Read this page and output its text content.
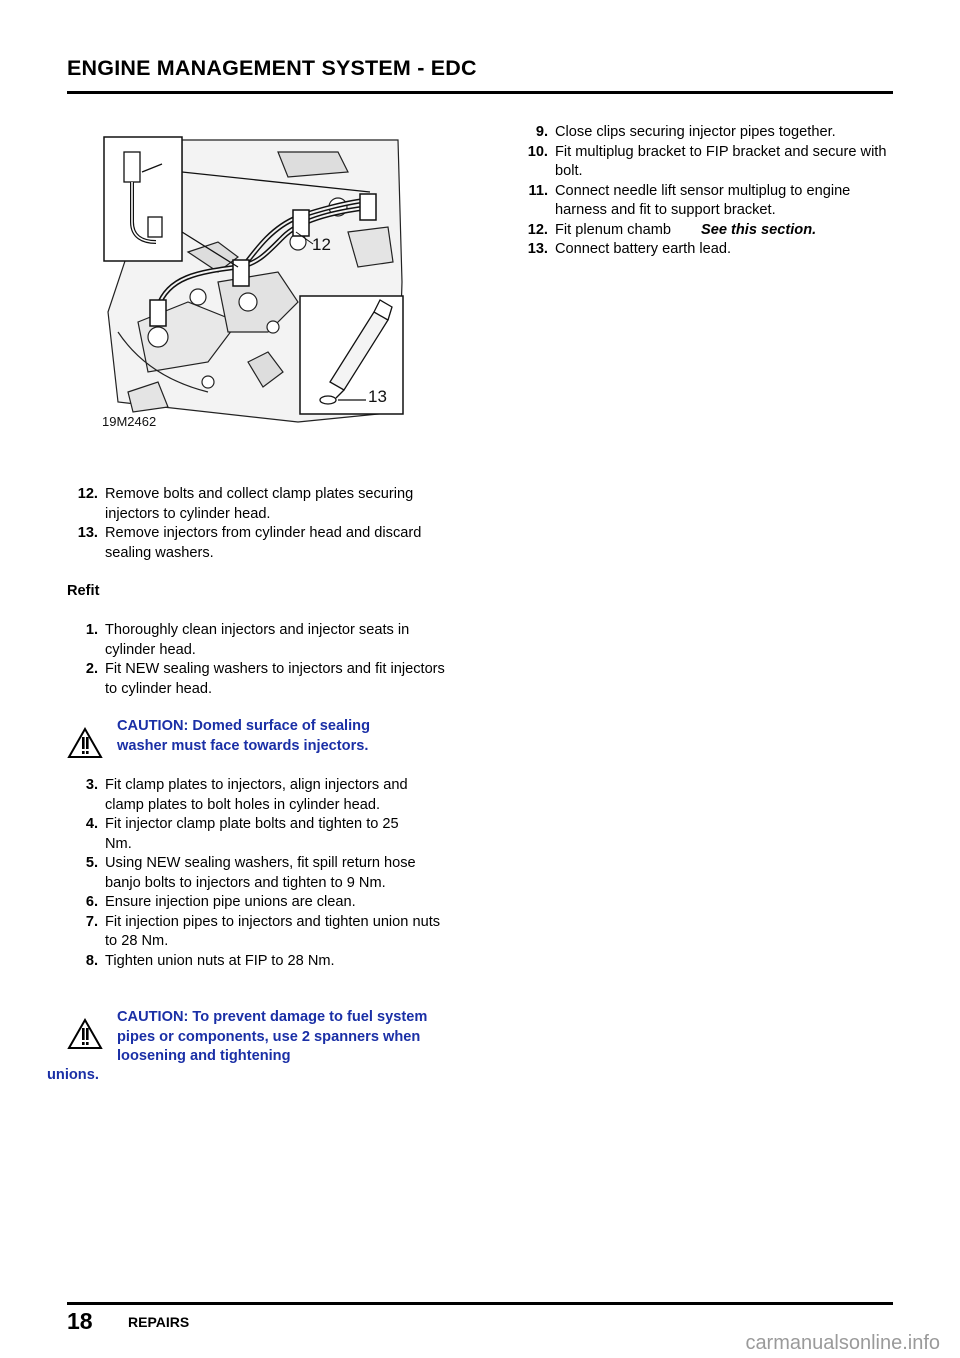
ENGINE MANAGEMENT SYSTEM - EDC
12
13
19M2462
12. Remove bolts and collect clamp plates securing injectors to cylinder head.
13. Remove injectors from cylinder head and discard sealing washers.
Refit
1. Thoroughly clean injectors and injector seats in cylinder head.
2. Fit NEW sealing washers to injectors and fit injectors to cylinder head.
CAUTION: Domed surface of sealing washer must face towards injectors.
3. Fit clamp plates to injectors, align injectors and clamp plates to bolt holes in cylinder head.
4. Fit injector clamp plate bolts and tighten to 25 Nm.
5. Using NEW sealing washers, fit spill return hose banjo bolts to injectors and tighten to 9 Nm.
6. Ensure injection pipe unions are clean.
7. Fit injection pipes to injectors and tighten union nuts to 28 Nm.
8. Tighten union nuts at FIP to 28 Nm.
CAUTION: To prevent damage to fuel system pipes or components, use 2 spanners when loosening and tightening
unions.
9. Close clips securing injector pipes together.
10. Fit multiplug bracket to FIP bracket and secure with bolt.
11. Connect needle lift sensor multiplug to engine harness and fit to support bracket.
12. Fit plenum chamb See this section.
13. Connect battery earth lead.
18	REPAIRS
carmanualsonline.info
